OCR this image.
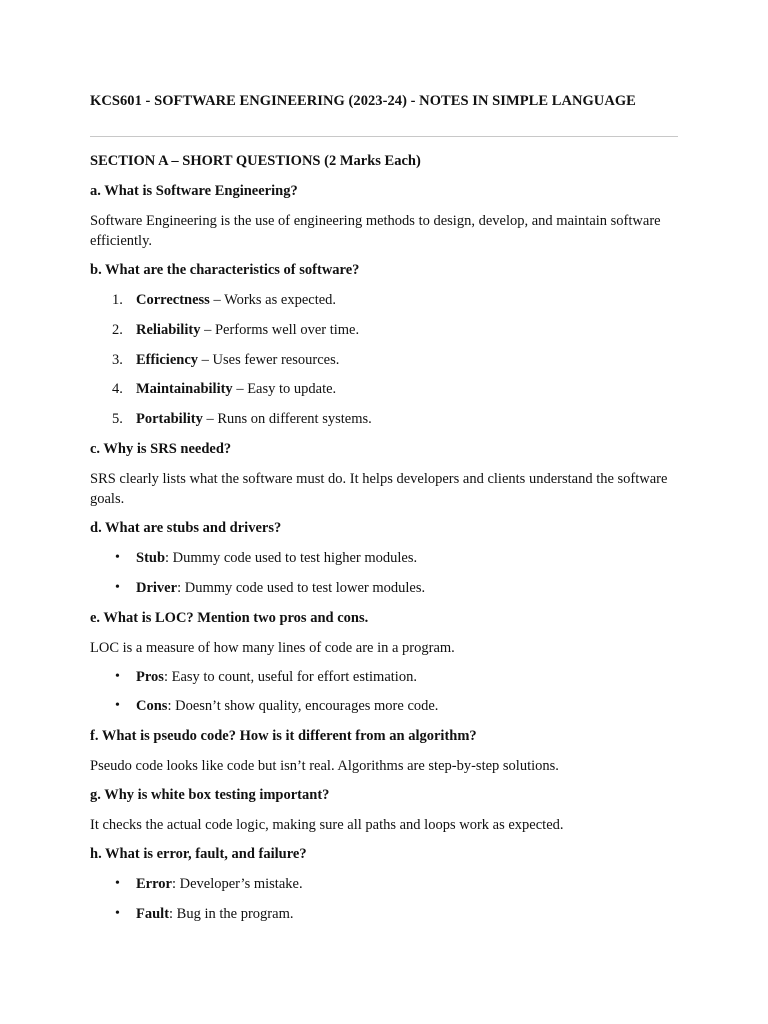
KCS601 - SOFTWARE ENGINEERING (2023-24) - NOTES IN SIMPLE LANGUAGE
SECTION A – SHORT QUESTIONS (2 Marks Each)
a. What is Software Engineering?
Software Engineering is the use of engineering methods to design, develop, and maintain software efficiently.
b. What are the characteristics of software?
1. Correctness – Works as expected.
2. Reliability – Performs well over time.
3. Efficiency – Uses fewer resources.
4. Maintainability – Easy to update.
5. Portability – Runs on different systems.
c. Why is SRS needed?
SRS clearly lists what the software must do. It helps developers and clients understand the software goals.
d. What are stubs and drivers?
• Stub: Dummy code used to test higher modules.
• Driver: Dummy code used to test lower modules.
e. What is LOC? Mention two pros and cons.
LOC is a measure of how many lines of code are in a program.
• Pros: Easy to count, useful for effort estimation.
• Cons: Doesn’t show quality, encourages more code.
f. What is pseudo code? How is it different from an algorithm?
Pseudo code looks like code but isn’t real. Algorithms are step-by-step solutions.
g. Why is white box testing important?
It checks the actual code logic, making sure all paths and loops work as expected.
h. What is error, fault, and failure?
• Error: Developer’s mistake.
• Fault: Bug in the program.
